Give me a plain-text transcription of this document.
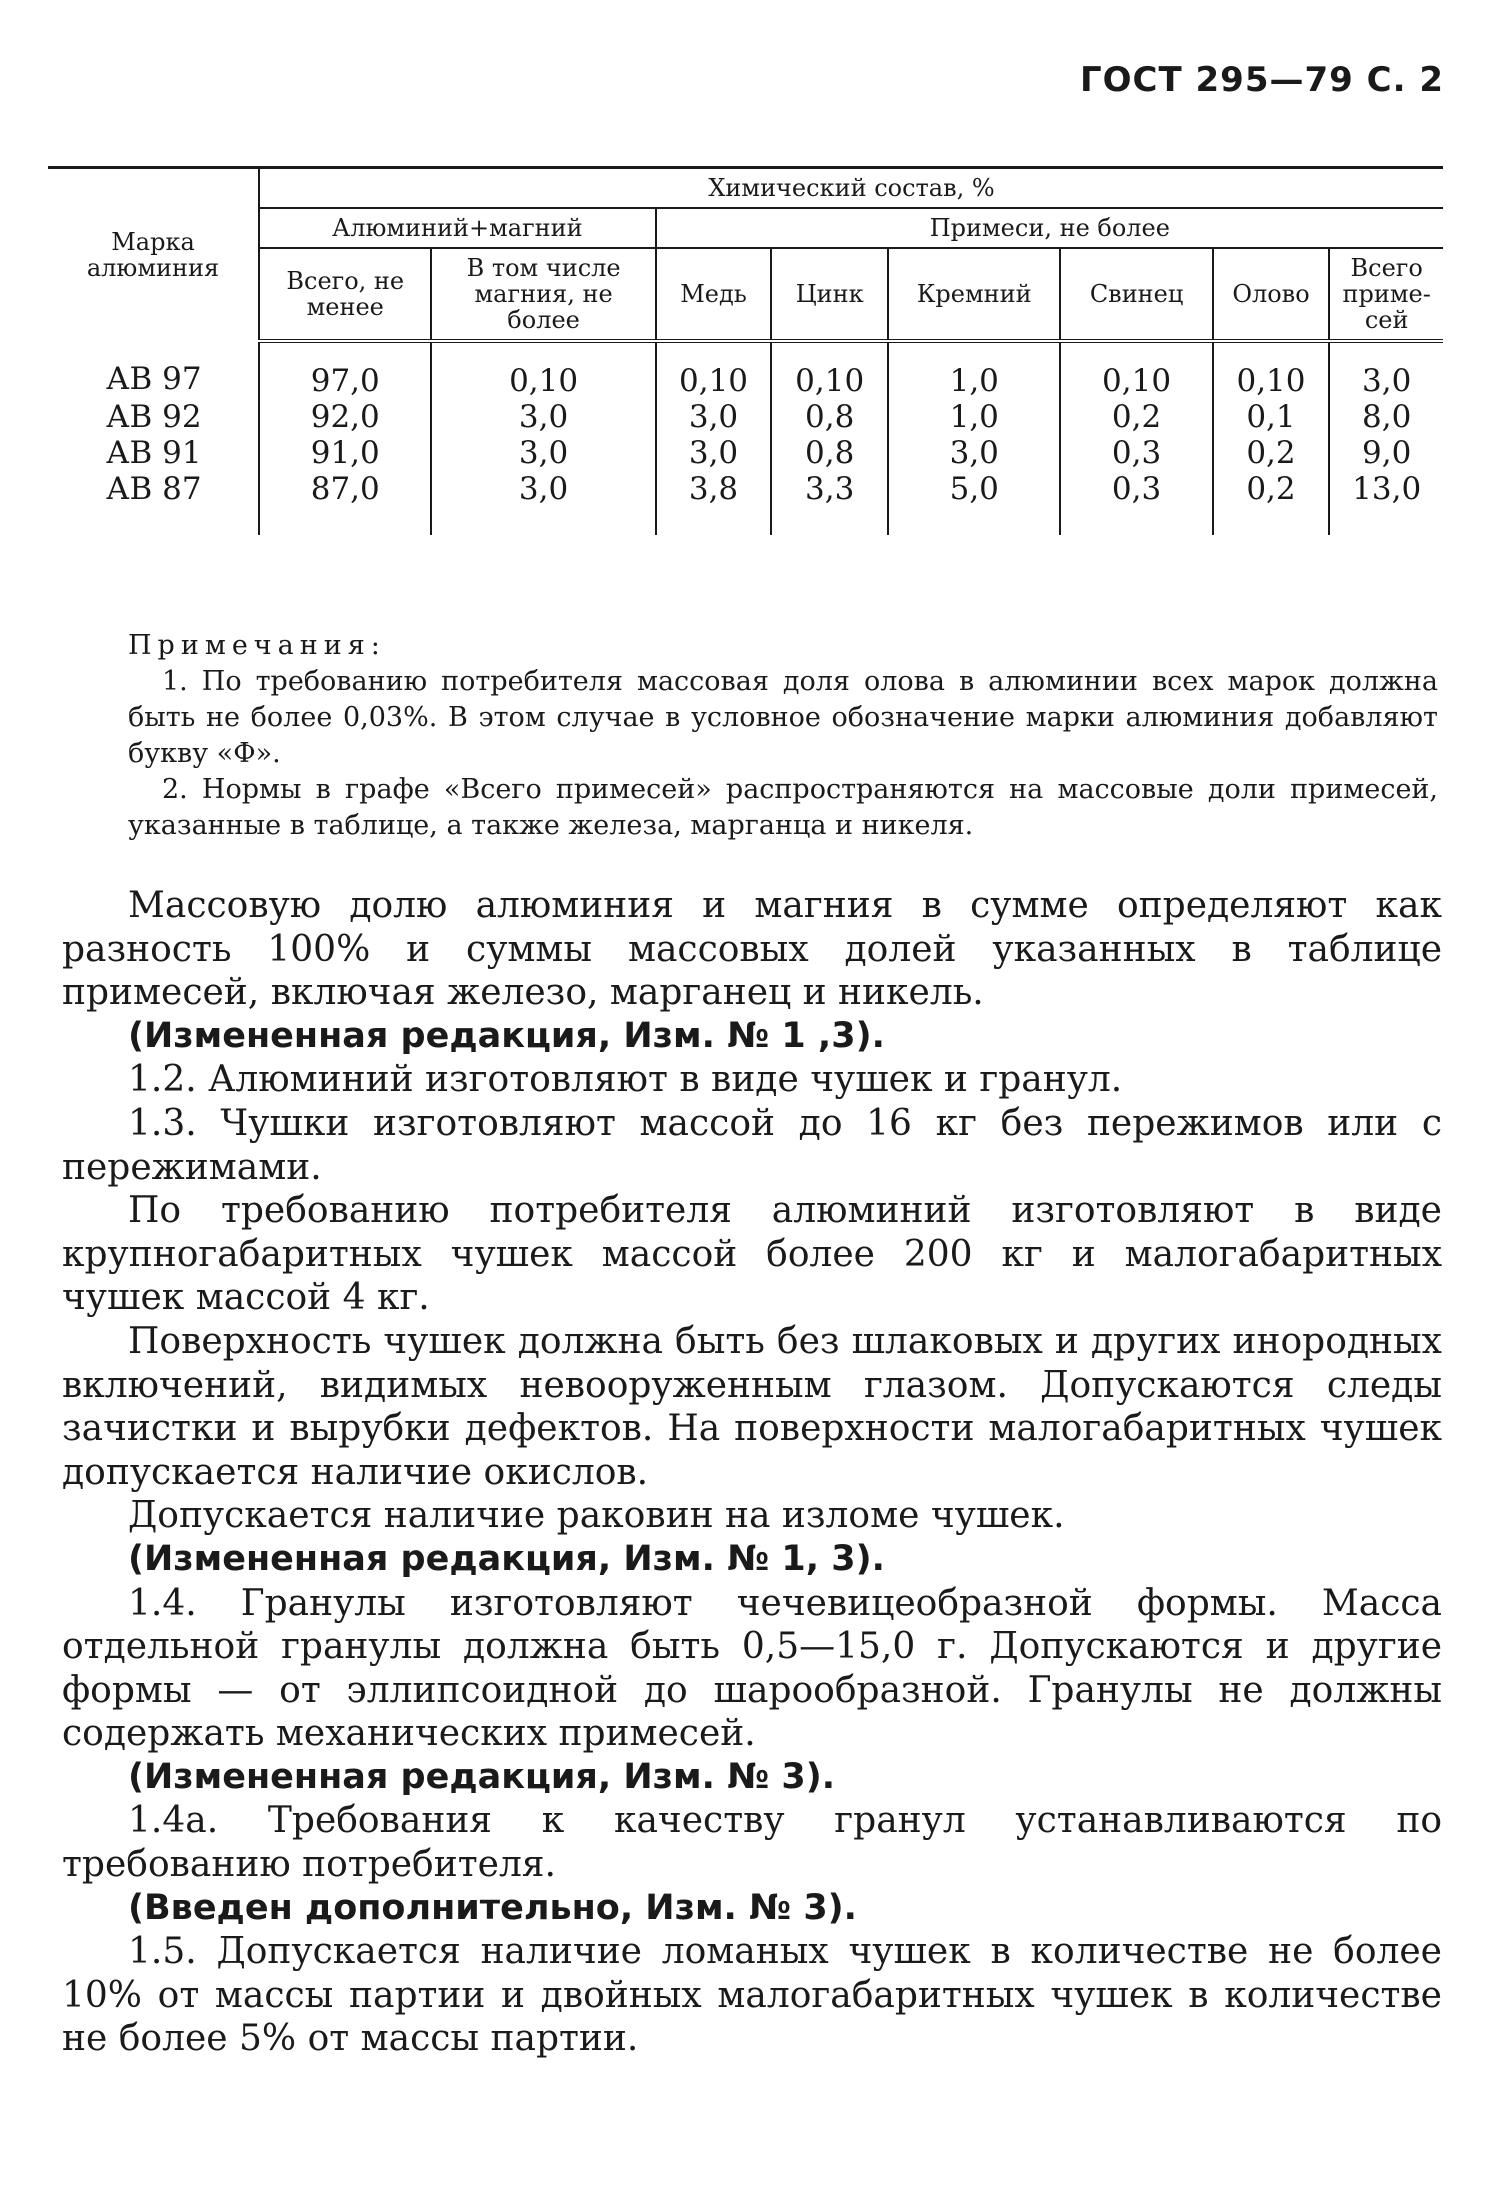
ГОСТ 295—79 С. 2
Марка алюминия	Химический состав, %							
	Алюминий+магний		Примеси, не более					
	Всего, не менее	В том числе магния, не более	Медь	Цинк	Кремний	Свинец	Олово	Всего приме-сей
АВ 97	97,0	0,10	0,10	0,10	1,0	0,10	0,10	3,0
АВ 92	92,0	3,0	3,0	0,8	1,0	0,2	0,1	8,0
АВ 91	91,0	3,0	3,0	0,8	3,0	0,3	0,2	9,0
АВ 87	87,0	3,0	3,8	3,3	5,0	0,3	0,2	13,0

Примечания:

1. По требованию потребителя массовая доля олова в алюминии всех марок должна быть не более 0,03%. В этом случае в условное обозначение марки алюминия добавляют букву «Ф».

2. Нормы в графе «Всего примесей» распространяются на массовые доли примесей, указанные в таблице, а также железа, марганца и никеля.

Массовую долю алюминия и магния в сумме определяют как разность 100% и суммы массовых долей указанных в таблице примесей, включая железо, марганец и никель.

(Измененная редакция, Изм. № 1 ,3).

1.2. Алюминий изготовляют в виде чушек и гранул.

1.3. Чушки изготовляют массой до 16 кг без пережимов или с пережимами.

По требованию потребителя алюминий изготовляют в виде крупногабаритных чушек массой более 200 кг и малогабаритных чушек массой 4 кг.

Поверхность чушек должна быть без шлаковых и других инородных включений, видимых невооруженным глазом. Допускаются следы зачистки и вырубки дефектов. На поверхности малогабаритных чушек допускается наличие окислов.

Допускается наличие раковин на изломе чушек.

(Измененная редакция, Изм. № 1, 3).

1.4. Гранулы изготовляют чечевицеобразной формы. Масса отдельной гранулы должна быть 0,5—15,0 г. Допускаются и другие формы — от эллипсоидной до шарообразной. Гранулы не должны содержать механических примесей.

(Измененная редакция, Изм. № 3).

1.4а. Требования к качеству гранул устанавливаются по требованию потребителя.

(Введен дополнительно, Изм. № 3).

1.5. Допускается наличие ломаных чушек в количестве не более 10% от массы партии и двойных малогабаритных чушек в количестве не более 5% от массы партии.
